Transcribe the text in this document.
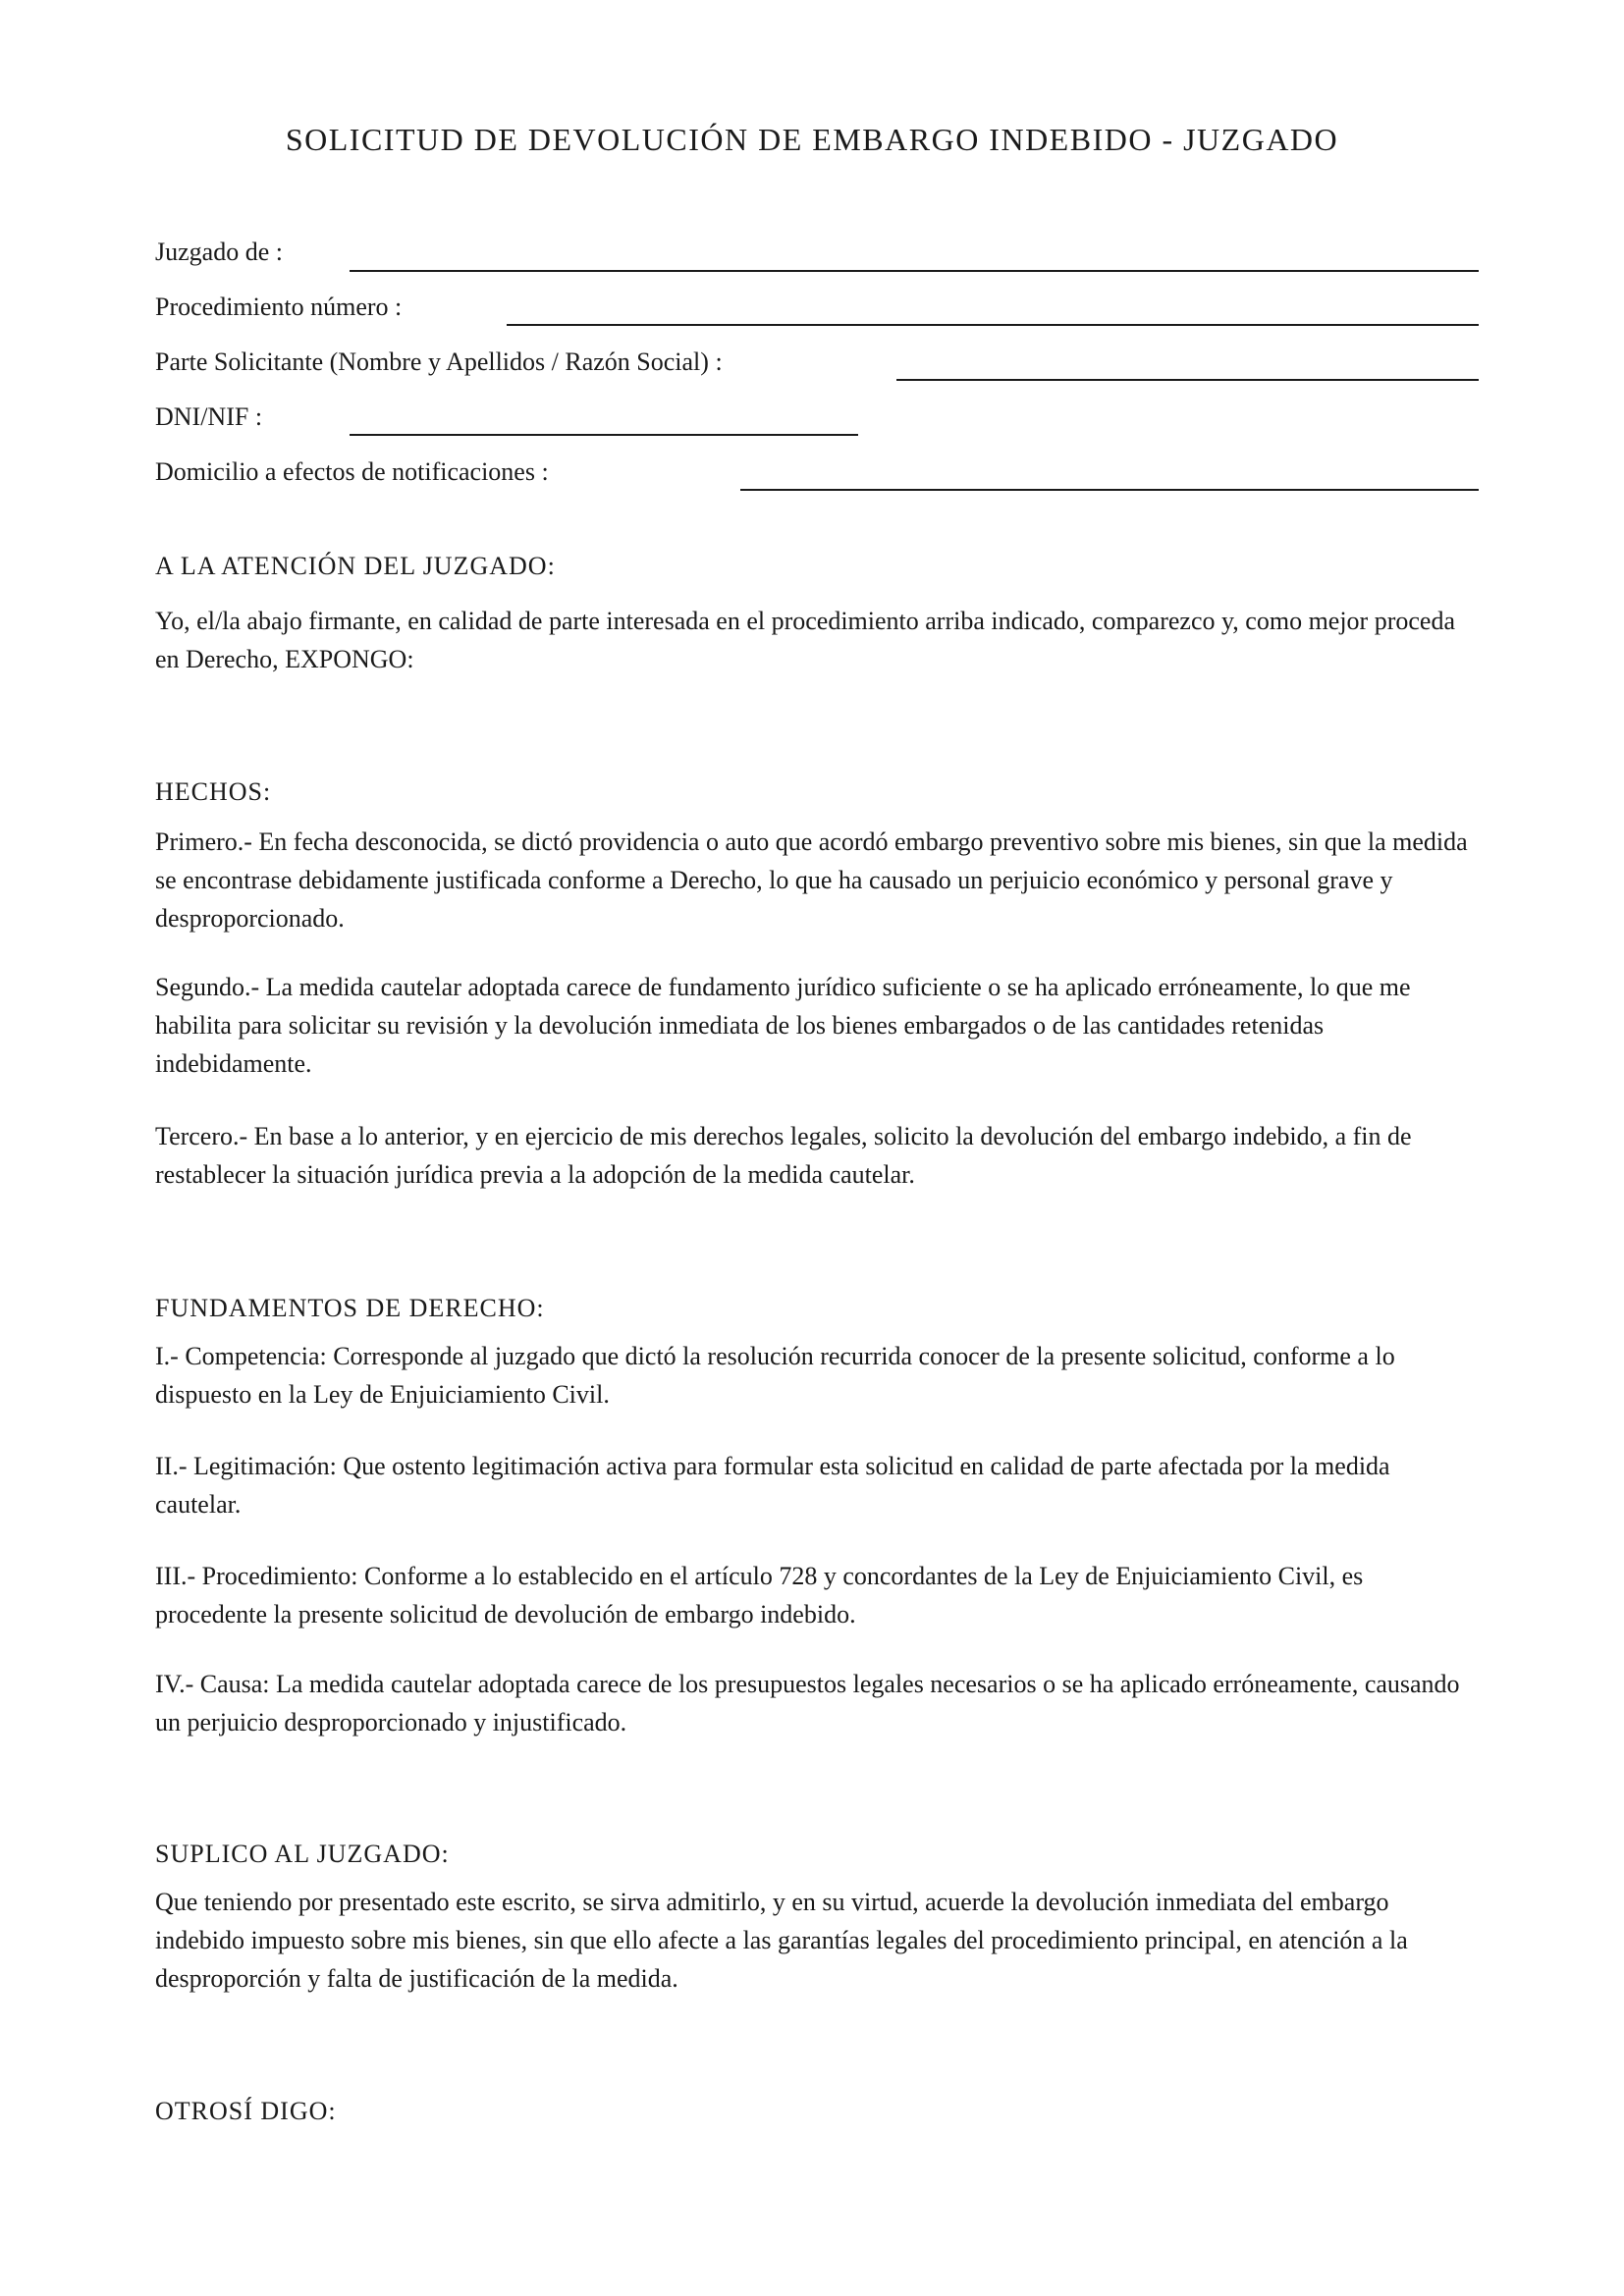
SOLICITUD DE DEVOLUCIÓN DE EMBARGO INDEBIDO - JUZGADO
Juzgado de :
Procedimiento número :
Parte Solicitante (Nombre y Apellidos / Razón Social) :
DNI/NIF :
Domicilio a efectos de notificaciones :
A LA ATENCIÓN DEL JUZGADO:

Yo, el/la abajo firmante, en calidad de parte interesada en el procedimiento arriba indicado, comparezco y, como mejor proceda en Derecho, EXPONGO:

HECHOS:

Primero.- En fecha desconocida, se dictó providencia o auto que acordó embargo preventivo sobre mis bienes, sin que la medida se encontrase debidamente justificada conforme a Derecho, lo que ha causado un perjuicio económico y personal grave y desproporcionado.

Segundo.- La medida cautelar adoptada carece de fundamento jurídico suficiente o se ha aplicado erróneamente, lo que me habilita para solicitar su revisión y la devolución inmediata de los bienes embargados o de las cantidades retenidas indebidamente.

Tercero.- En base a lo anterior, y en ejercicio de mis derechos legales, solicito la devolución del embargo indebido, a fin de restablecer la situación jurídica previa a la adopción de la medida cautelar.

FUNDAMENTOS DE DERECHO:

I.- Competencia: Corresponde al juzgado que dictó la resolución recurrida conocer de la presente solicitud, conforme a lo dispuesto en la Ley de Enjuiciamiento Civil.

II.- Legitimación: Que ostento legitimación activa para formular esta solicitud en calidad de parte afectada por la medida cautelar.

III.- Procedimiento: Conforme a lo establecido en el artículo 728 y concordantes de la Ley de Enjuiciamiento Civil, es procedente la presente solicitud de devolución de embargo indebido.

IV.- Causa: La medida cautelar adoptada carece de los presupuestos legales necesarios o se ha aplicado erróneamente, causando un perjuicio desproporcionado y injustificado.

SUPLICO AL JUZGADO:

Que teniendo por presentado este escrito, se sirva admitirlo, y en su virtud, acuerde la devolución inmediata del embargo indebido impuesto sobre mis bienes, sin que ello afecte a las garantías legales del procedimiento principal, en atención a la desproporción y falta de justificación de la medida.

OTROSÍ DIGO:
